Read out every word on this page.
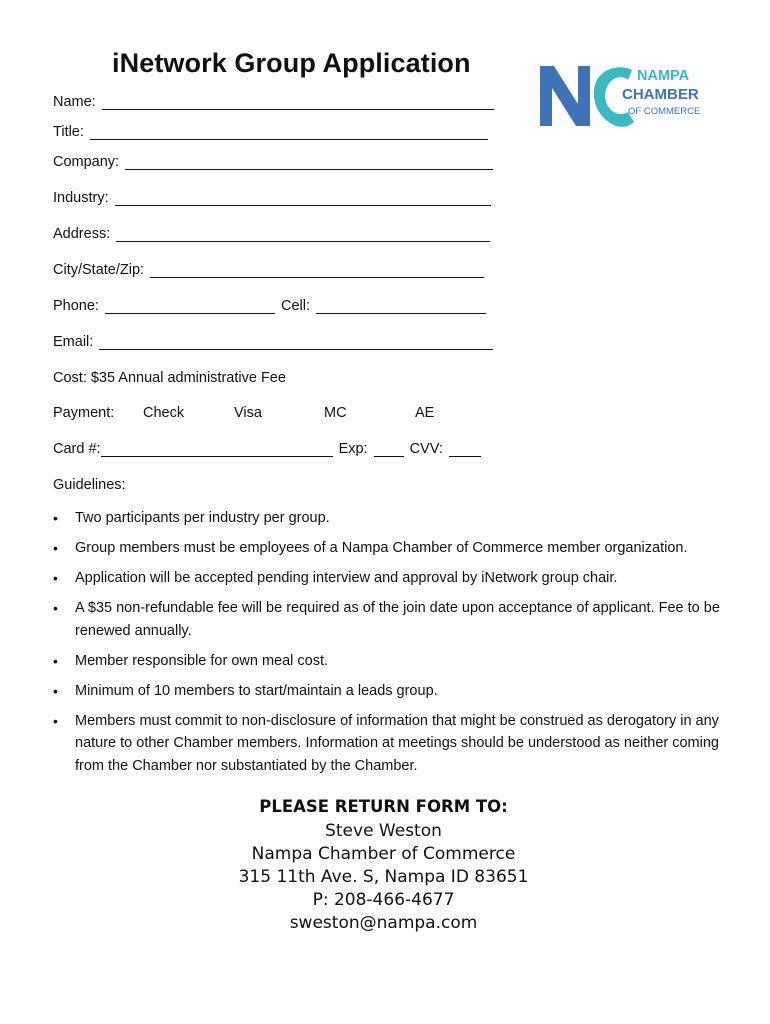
iNetwork Group Application	NAMPA
CHAMBER
OF COMMERCE
Name:
Title:
Company:
Industry:
Address:
City/State/Zip:
Phone:	Cell:
Email:
Cost: $35 Annual administrative Fee
Payment:	Check	Visa	MC	AE
Card #:	Exp:	CVV:
Guidelines:
• Two participants per industry per group.
• Group members must be employees of a Nampa Chamber of Commerce member organization.
• Application will be accepted pending interview and approval by iNetwork group chair.
• A $35 non-refundable fee will be required as of the join date upon acceptance of applicant. Fee to be renewed annually.
• Member responsible for own meal cost.
• Minimum of 10 members to start/maintain a leads group.
• Members must commit to non-disclosure of information that might be construed as derogatory in any nature to other Chamber members. Information at meetings should be understood as neither coming from the Chamber nor substantiated by the Chamber.
PLEASE RETURN FORM TO:
Steve Weston
Nampa Chamber of Commerce
315 11th Ave. S, Nampa ID 83651
P: 208-466-4677
sweston@nampa.com
